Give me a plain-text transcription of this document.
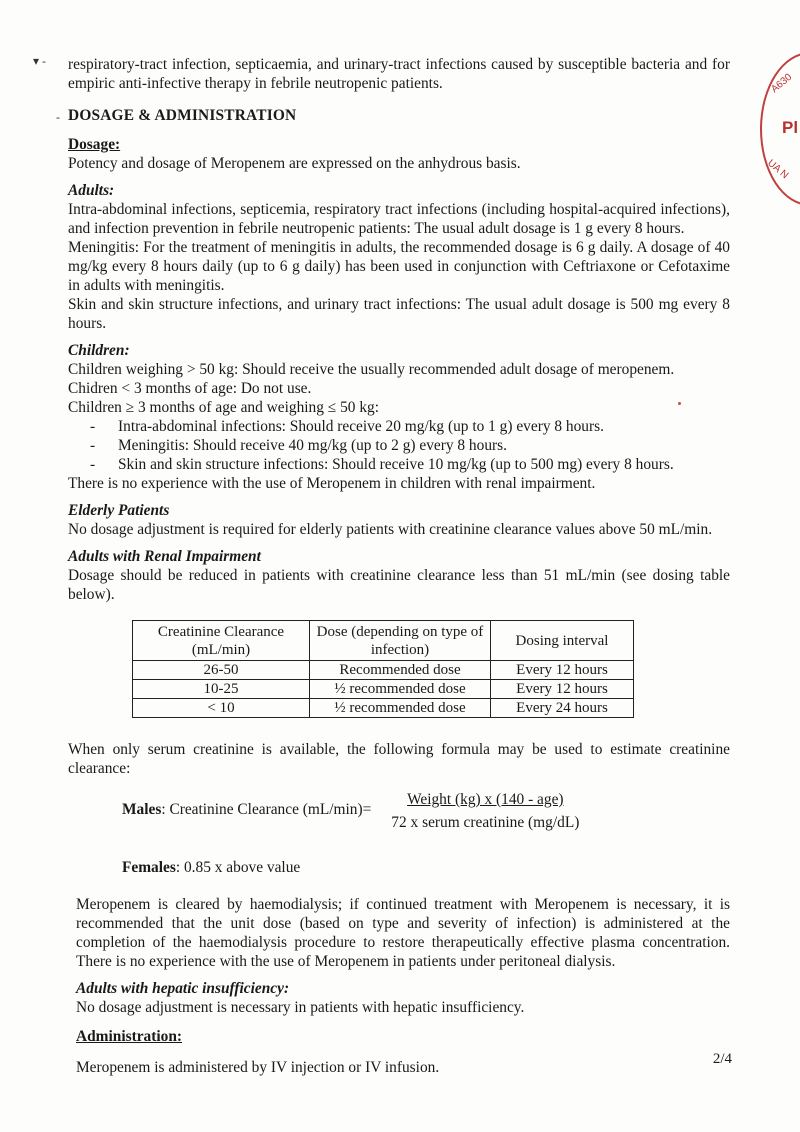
▾ -
-
A630
Pl
UA N

respiratory-tract infection, septicaemia, and urinary-tract infections caused by susceptible bacteria and for empiric anti-infective therapy in febrile neutropenic patients.

DOSAGE & ADMINISTRATION
Dosage:

Potency and dosage of Meropenem are expressed on the anhydrous basis.

Adults:

Intra-abdominal infections, septicemia, respiratory tract infections (including hospital-acquired infections), and infection prevention in febrile neutropenic patients: The usual adult dosage is 1 g every 8 hours.

Meningitis: For the treatment of meningitis in adults, the recommended dosage is 6 g daily. A dosage of 40 mg/kg every 8 hours daily (up to 6 g daily) has been used in conjunction with Ceftriaxone or Cefotaxime in adults with meningitis.

Skin and skin structure infections, and urinary tract infections: The usual adult dosage is 500 mg every 8 hours.

Children:

Children weighing > 50 kg: Should receive the usually recommended adult dosage of meropenem.

Chidren < 3 months of age: Do not use.

Children ≥ 3 months of age and weighing ≤ 50 kg:

- Intra-abdominal infections: Should receive 20 mg/kg (up to 1 g) every 8 hours.
- Meningitis: Should receive 40 mg/kg (up to 2 g) every 8 hours.
- Skin and skin structure infections: Should receive 10 mg/kg (up to 500 mg) every 8 hours.

There is no experience with the use of Meropenem in children with renal impairment.

Elderly Patients

No dosage adjustment is required for elderly patients with creatinine clearance values above 50 mL/min.

Adults with Renal Impairment

Dosage should be reduced in patients with creatinine clearance less than 51 mL/min (see dosing table below).

Creatinine Clearance (mL/min)	Dose (depending on type of infection)	Dosing interval
26-50	Recommended dose	Every 12 hours
10-25	½ recommended dose	Every 12 hours
< 10	½ recommended dose	Every 24 hours

When only serum creatinine is available, the following formula may be used to estimate creatinine clearance:

Males: Creatinine Clearance $(mL/\min)= \frac{\text{Weight (kg) x (140 - age)}}{\text{72 x serum creatinine (mg/dL)}}$
Females: 0.85 x above value

Meropenem is cleared by haemodialysis; if continued treatment with Meropenem is necessary, it is recommended that the unit dose (based on type and severity of infection) is administered at the completion of the haemodialysis procedure to restore therapeutically effective plasma concentration. There is no experience with the use of Meropenem in patients under peritoneal dialysis.

Adults with hepatic insufficiency:

No dosage adjustment is necessary in patients with hepatic insufficiency.

Administration:

Meropenem is administered by IV injection or IV infusion.	2/4
